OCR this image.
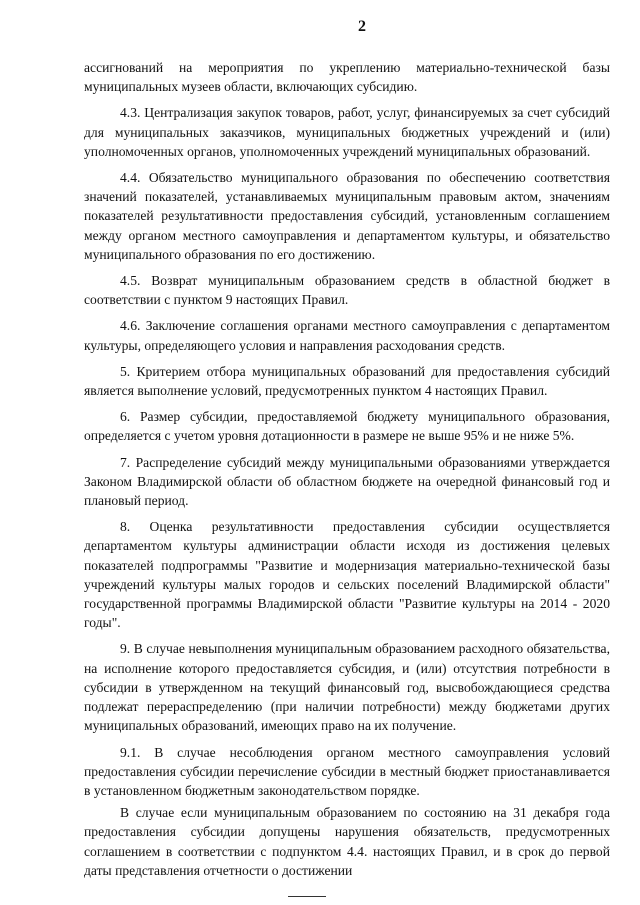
2

ассигнований на мероприятия по укреплению материально-технической базы муниципальных музеев области, включающих субсидию.

4.3. Централизация закупок товаров, работ, услуг, финансируемых за счет субсидий для муниципальных заказчиков, муниципальных бюджетных учреждений и (или) уполномоченных органов, уполномоченных учреждений муниципальных образований.

4.4. Обязательство муниципального образования по обеспечению соответствия значений показателей, устанавливаемых муниципальным правовым актом, значениям показателей результативности предоставления субсидий, установленным соглашением между органом местного самоуправления и департаментом культуры, и обязательство муниципального образования по его достижению.

4.5. Возврат муниципальным образованием средств в областной бюджет в соответствии с пунктом 9 настоящих Правил.

4.6. Заключение соглашения органами местного самоуправления с департаментом культуры, определяющего условия и направления расходования средств.

5. Критерием отбора муниципальных образований для предоставления субсидий является выполнение условий, предусмотренных пунктом 4 настоящих Правил.

6. Размер субсидии, предоставляемой бюджету муниципального образования, определяется с учетом уровня дотационности в размере не выше 95% и не ниже 5%.

7. Распределение субсидий между муниципальными образованиями утверждается Законом Владимирской области об областном бюджете на очередной финансовый год и плановый период.

8. Оценка результативности предоставления субсидии осуществляется департаментом культуры администрации области исходя из достижения целевых показателей подпрограммы "Развитие и модернизация материально-технической базы учреждений культуры малых городов и сельских поселений Владимирской области" государственной программы Владимирской области "Развитие культуры на 2014 - 2020 годы".

9. В случае невыполнения муниципальным образованием расходного обязательства, на исполнение которого предоставляется субсидия, и (или) отсутствия потребности в субсидии в утвержденном на текущий финансовый год, высвобождающиеся средства подлежат перераспределению (при наличии потребности) между бюджетами других муниципальных образований, имеющих право на их получение.

9.1. В случае несоблюдения органом местного самоуправления условий предоставления субсидии перечисление субсидии в местный бюджет приостанавливается в установленном бюджетным законодательством порядке.

В случае если муниципальным образованием по состоянию на 31 декабря года предоставления субсидии допущены нарушения обязательств, предусмотренных соглашением в соответствии с подпунктом 4.4. настоящих Правил, и в срок до первой даты представления отчетности о достижении
